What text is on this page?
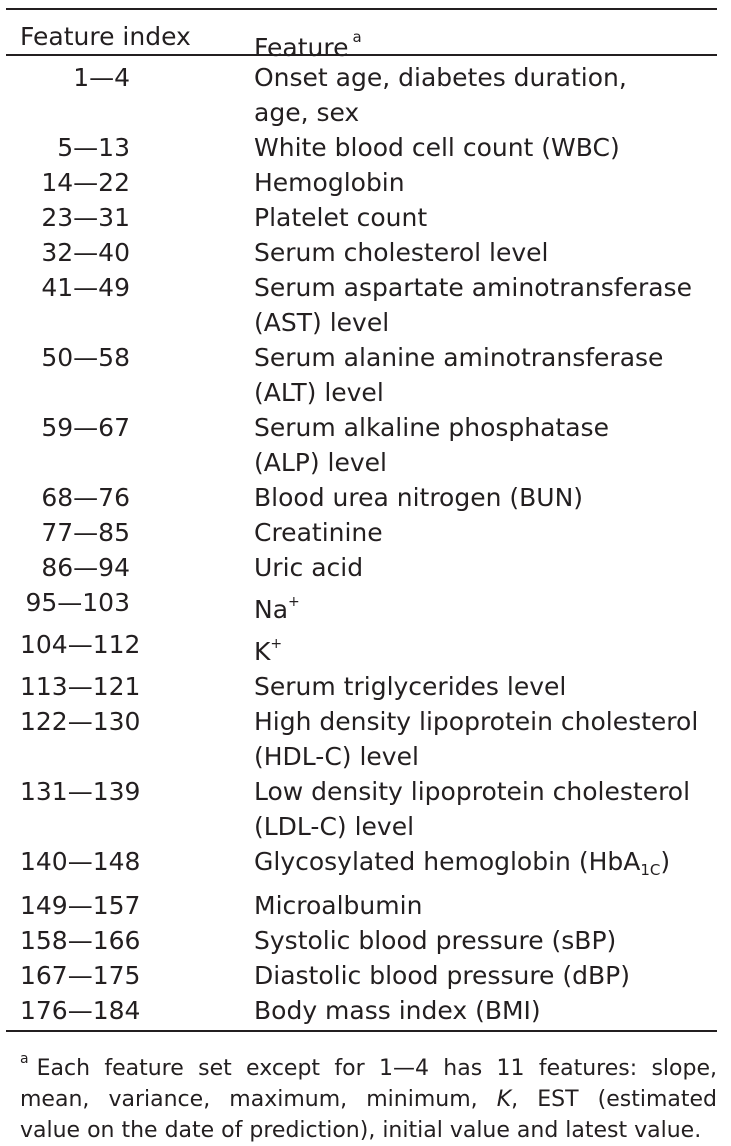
Feature index	Feature $^a$
1—4	Onset age, diabetes duration,
age, sex
5—13	White blood cell count (WBC)
14—22	Hemoglobin
23—31	Platelet count
32—40	Serum cholesterol level
41—49	Serum aspartate aminotransferase
(AST) level
50—58	Serum alanine aminotransferase
(ALT) level
59—67	Serum alkaline phosphatase
(ALP) level
68—76	Blood urea nitrogen (BUN)
77—85	Creatinine
86—94	Uric acid
95—103	Na+
104—112	K+
113—121	Serum triglycerides level
122—130	High density lipoprotein cholesterol
(HDL-C) level
131—139	Low density lipoprotein cholesterol
(LDL-C) level
140—148	Glycosylated hemoglobin (HbA$_{1C}$)
149—157	Microalbumin
158—166	Systolic blood pressure (sBP)
167—175	Diastolic blood pressure (dBP)
176—184	Body mass index (BMI)
$^a$ Each feature set except for 1—4 has 11 features: slope,
mean, variance, maximum, minimum, K, EST (estimated
value on the date of prediction), initial value and latest value.
